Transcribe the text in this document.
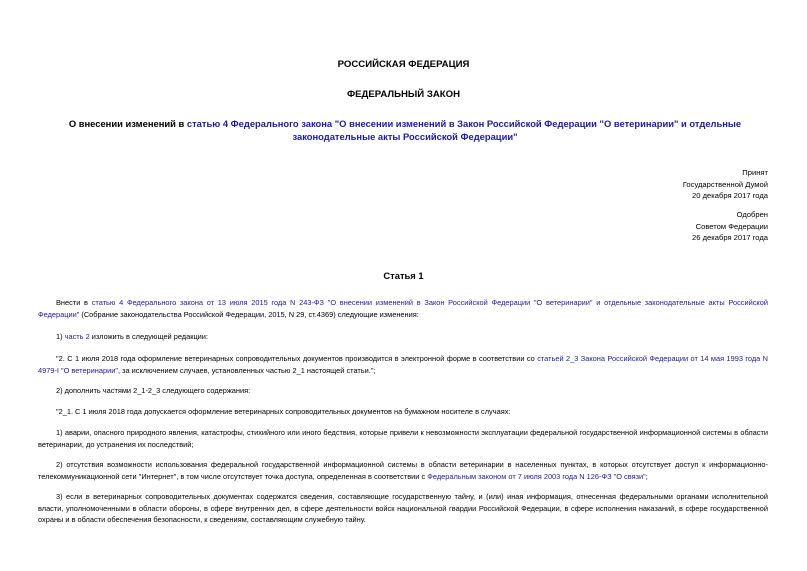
РОССИЙСКАЯ ФЕДЕРАЦИЯ
ФЕДЕРАЛЬНЫЙ ЗАКОН
О внесении изменений в статью 4 Федерального закона "О внесении изменений в Закон Российской Федерации "О ветеринарии" и отдельные законодательные акты Российской Федерации"
Принят
Государственной Думой
20 декабря 2017 года
Одобрен
Советом Федерации
26 декабря 2017 года
Статья 1
Внести в статью 4 Федерального закона от 13 июля 2015 года N 243-ФЗ "О внесении изменений в Закон Российской Федерации "О ветеринарии" и отдельные законодательные акты Российской Федерации" (Собрание законодательства Российской Федерации, 2015, N 29, ст.4369) следующие изменения:
1) часть 2 изложить в следующей редакции:
"2. С 1 июля 2018 года оформление ветеринарных сопроводительных документов производится в электронной форме в соответствии со статьей 2_3 Закона Российской Федерации от 14 мая 1993 года N 4979-I "О ветеринарии", за исключением случаев, установленных частью 2_1 настоящей статьи.";
2) дополнить частями 2_1-2_3 следующего содержания:
"2_1. С 1 июля 2018 года допускается оформление ветеринарных сопроводительных документов на бумажном носителе в случаях:
1) аварии, опасного природного явления, катастрофы, стихийного или иного бедствия, которые привели к невозможности эксплуатации федеральной государственной информационной системы в области ветеринарии, до устранения их последствий;
2) отсутствия возможности использования федеральной государственной информационной системы в области ветеринарии в населенных пунктах, в которых отсутствует доступ к информационно-телекоммуникационной сети "Интернет", в том числе отсутствует точка доступа, определенная в соответствии с Федеральным законом от 7 июля 2003 года N 126-ФЗ "О связи";
3) если в ветеринарных сопроводительных документах содержатся сведения, составляющие государственную тайну, и (или) иная информация, отнесенная федеральными органами исполнительной власти, уполномоченными в области обороны, в сфере внутренних дел, в сфере деятельности войск национальной гвардии Российской Федерации, в сфере исполнения наказаний, в сфере государственной охраны и в области обеспечения безопасности, к сведениям, составляющим служебную тайну.
